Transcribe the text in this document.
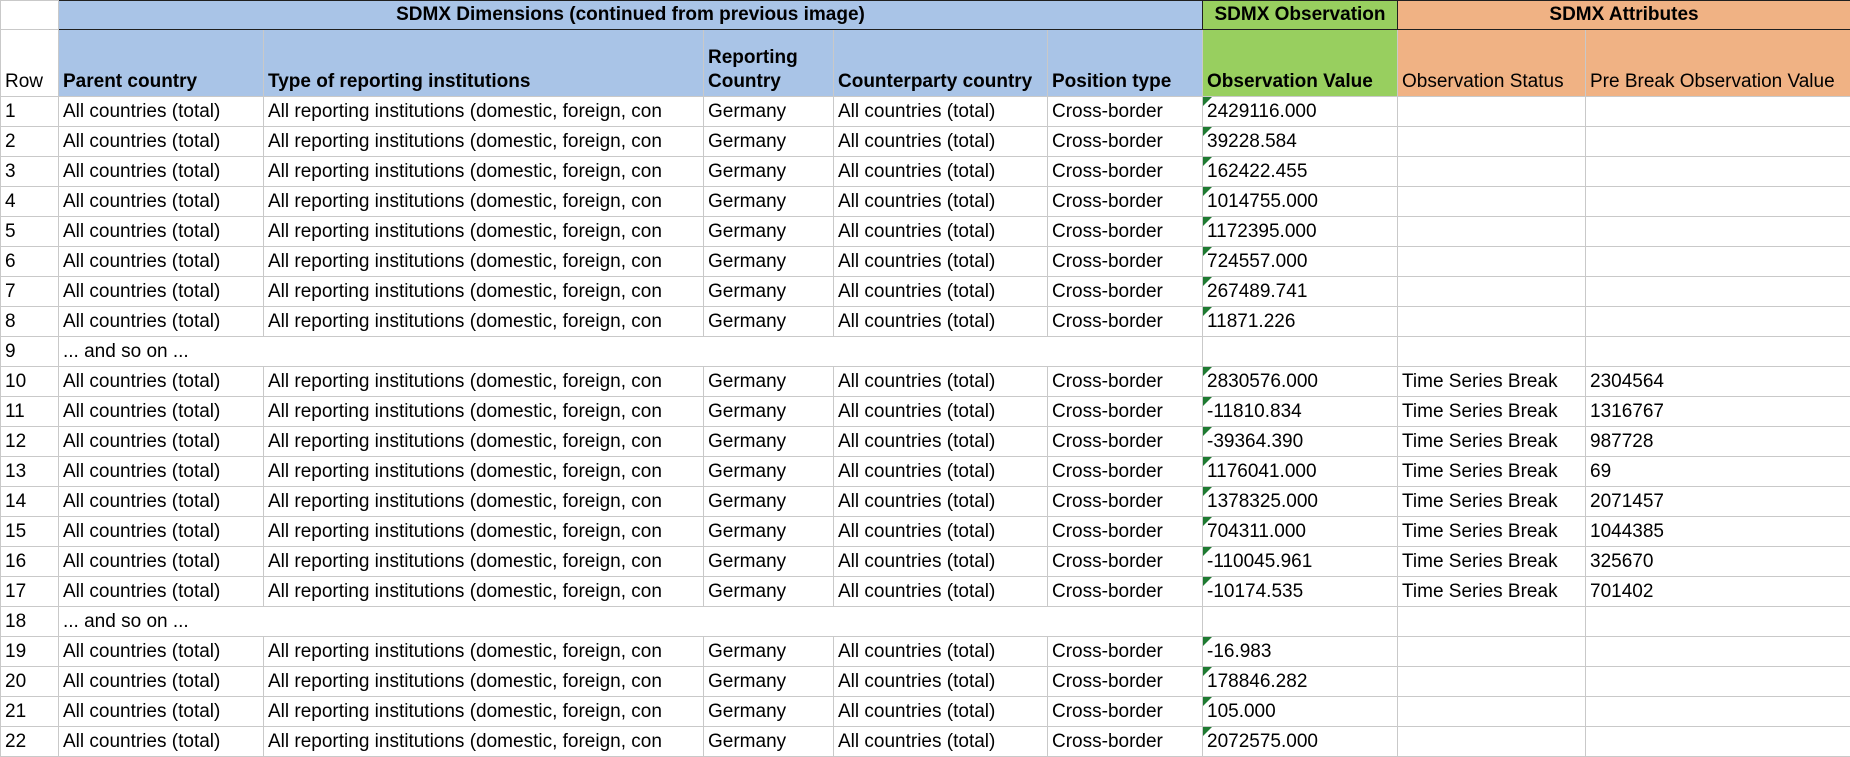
	SDMX Dimensions (continued from previous image)					SDMX Observation	SDMX Attributes	
Row	Parent country	Type of reporting institutions	Reporting Country	Counterparty country	Position type	Observation Value	Observation Status	Pre Break Observation Value
1	All countries (total)	All reporting institutions (domestic, foreign, con	Germany	All countries (total)	Cross-border	2429116.000		
2	All countries (total)	All reporting institutions (domestic, foreign, con	Germany	All countries (total)	Cross-border	39228.584		
3	All countries (total)	All reporting institutions (domestic, foreign, con	Germany	All countries (total)	Cross-border	162422.455		
4	All countries (total)	All reporting institutions (domestic, foreign, con	Germany	All countries (total)	Cross-border	1014755.000		
5	All countries (total)	All reporting institutions (domestic, foreign, con	Germany	All countries (total)	Cross-border	1172395.000		
6	All countries (total)	All reporting institutions (domestic, foreign, con	Germany	All countries (total)	Cross-border	724557.000		
7	All countries (total)	All reporting institutions (domestic, foreign, con	Germany	All countries (total)	Cross-border	267489.741		
8	All countries (total)	All reporting institutions (domestic, foreign, con	Germany	All countries (total)	Cross-border	11871.226		
9	... and so on ...							
10	All countries (total)	All reporting institutions (domestic, foreign, con	Germany	All countries (total)	Cross-border	2830576.000	Time Series Break	2304564
11	All countries (total)	All reporting institutions (domestic, foreign, con	Germany	All countries (total)	Cross-border	-11810.834	Time Series Break	1316767
12	All countries (total)	All reporting institutions (domestic, foreign, con	Germany	All countries (total)	Cross-border	-39364.390	Time Series Break	987728
13	All countries (total)	All reporting institutions (domestic, foreign, con	Germany	All countries (total)	Cross-border	1176041.000	Time Series Break	69
14	All countries (total)	All reporting institutions (domestic, foreign, con	Germany	All countries (total)	Cross-border	1378325.000	Time Series Break	2071457
15	All countries (total)	All reporting institutions (domestic, foreign, con	Germany	All countries (total)	Cross-border	704311.000	Time Series Break	1044385
16	All countries (total)	All reporting institutions (domestic, foreign, con	Germany	All countries (total)	Cross-border	-110045.961	Time Series Break	325670
17	All countries (total)	All reporting institutions (domestic, foreign, con	Germany	All countries (total)	Cross-border	-10174.535	Time Series Break	701402
18	... and so on ...							
19	All countries (total)	All reporting institutions (domestic, foreign, con	Germany	All countries (total)	Cross-border	-16.983		
20	All countries (total)	All reporting institutions (domestic, foreign, con	Germany	All countries (total)	Cross-border	178846.282		
21	All countries (total)	All reporting institutions (domestic, foreign, con	Germany	All countries (total)	Cross-border	105.000		
22	All countries (total)	All reporting institutions (domestic, foreign, con	Germany	All countries (total)	Cross-border	2072575.000		
